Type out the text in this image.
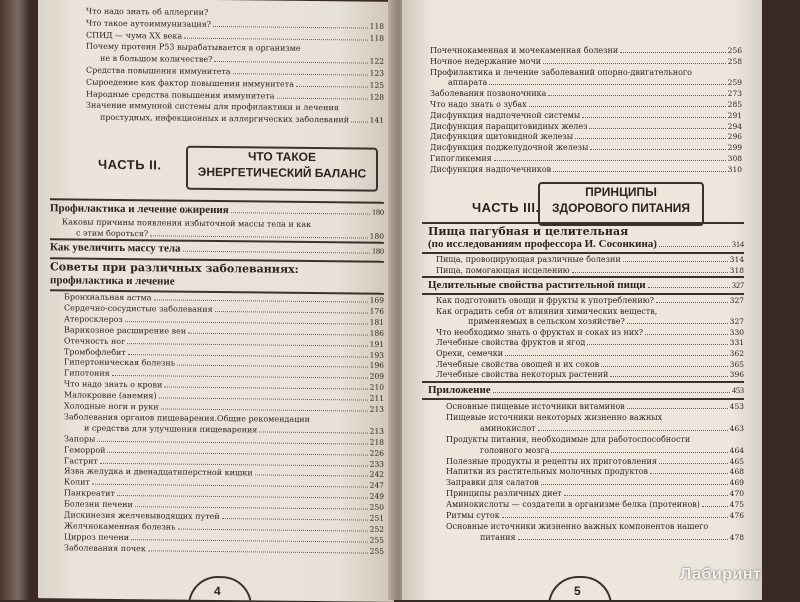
Что надо знать об аллергии?
Что такое аутоиммунизация?	118
СПИД — чума XX века	118
Почему протеин Р53 вырабатывается в организме
не в большом количестве?	122
Средства повышения иммунитета	123
Сыроедение как фактор повышения иммунитета	125
Народные средства повышения иммунитета	128
Значение иммунной системы для профилактики и лечения
простудных, инфекционных и аллергических заболеваний	141
ЧАСТЬ II.
ЧТО ТАКОЕ
ЭНЕРГЕТИЧЕСКИЙ БАЛАНС
Профилактика и лечение ожирения	180
Каковы причины появления избыточной массы тела и как
с этим бороться?	180
Как увеличить массу тела	180
Советы при различных заболеваниях:
профилактика и лечение
Бронхиальная астма	169
Сердечно-сосудистые заболевания	176
Атеросклероз	181
Варикозное расширение вен	186
Отечность ног	191
Тромбофлебит	193
Гипертоническая болезнь	196
Гипотония	209
Что надо знать о крови	210
Малокровие (анемия)	211
Холодные ноги и руки	213
Заболевания органов пищеварения.Общие рекомендации
и средства для улучшения пищеварения	213
Запоры	218
Геморрой	226
Гастрит	233
Язва желудка и двенадцатиперстной кишки	242
Колит	247
Панкреатит	249
Болезни печени	250
Дискинезия желчевыводящих путей	251
Желчнокаменная болезнь	252
Цирроз печени	255
Заболевания почек	255
4
Почечнокаменная и мочекаменная болезни	256
Ночное недержание мочи	258
Профилактика и лечение заболеваний опорно-двигательного
аппарата	259
Заболевания позвоночника	273
Что надо знать о зубах	285
Дисфункция надпочечной системы	291
Дисфункция паращитовидных желез	294
Дисфункция щитовидной железы	296
Дисфункция поджелудочной железы	299
Гипогликемия	308
Дисфункция надпочечников	310
ЧАСТЬ III.
ПРИНЦИПЫ
ЗДОРОВОГО ПИТАНИЯ
Пища пагубная и целительная
(по исследованиям профессора И. Сосонкина)	314
Пища, провоцирующая различные болезни	314
Пища, помогающая исцелению	318
Целительные свойства растительной пищи	327
Как подготовить овощи и фрукты к употреблению?	327
Как оградить себя от влияния химических веществ,
применяемых в сельском хозяйстве?	327
Что необходимо знать о фруктах и соках из них?	330
Лечебные свойства фруктов и ягод	331
Орехи, семечки	362
Лечебные свойства овощей и их соков	365
Лечебные свойства некоторых растений	396
Приложение	453
Основные пищевые источники витаминов	453
Пищевые источники некоторых жизненно важных
аминокислот	463
Продукты питания, необходимые для работоспособности
головного мозга	464
Полезные продукты и рецепты их приготовления	465
Напитки из растительных молочных продуктов	468
Заправки для салатов	469
Принципы различных диет	470
Аминокислоты — создатели в организме белка (протеинов)	475
Ритмы суток	476
Основные источники жизненно важных компонентов нашего
питания	478
5
Лабиринт
